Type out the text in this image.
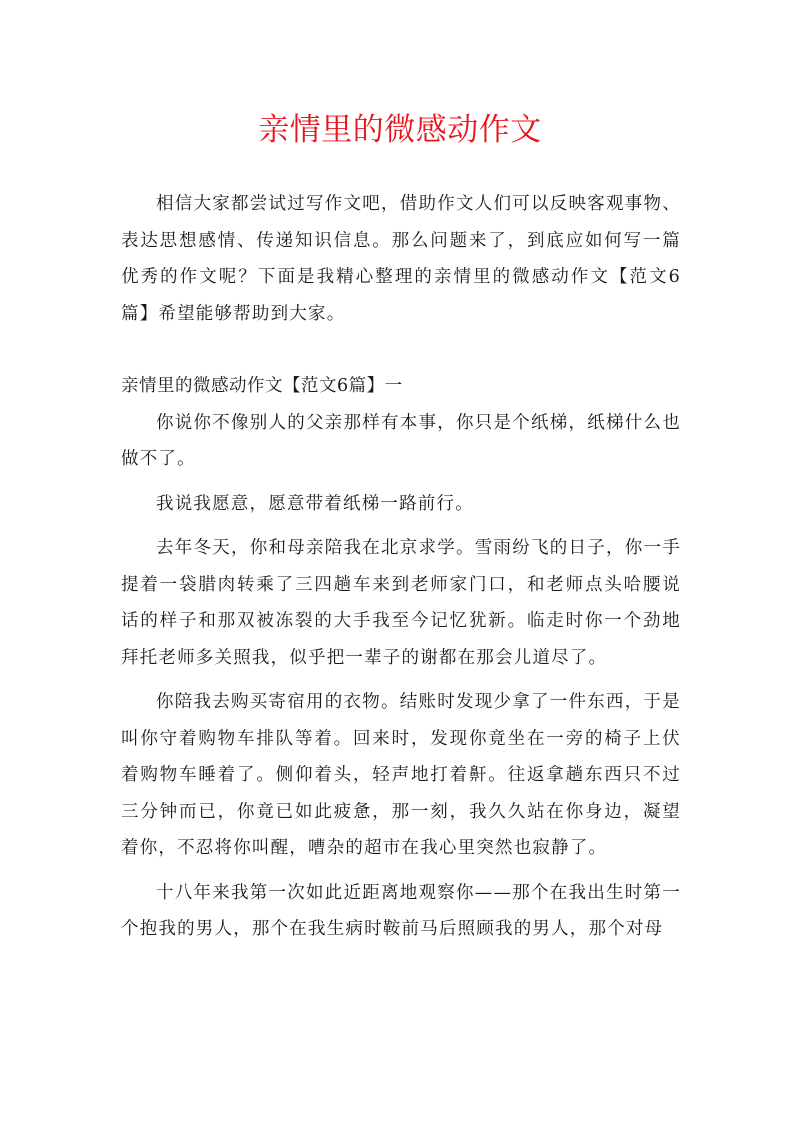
亲情里的微感动作文

相信大家都尝试过写作文吧，借助作文人们可以反映客观事物、表达思想感情、传递知识信息。那么问题来了，到底应如何写一篇优秀的作文呢？下面是我精心整理的亲情里的微感动作文【范文6篇】希望能够帮助到大家。

亲情里的微感动作文【范文6篇】一

你说你不像别人的父亲那样有本事，你只是个纸梯，纸梯什么也做不了。

我说我愿意，愿意带着纸梯一路前行。

去年冬天，你和母亲陪我在北京求学。雪雨纷飞的日子，你一手提着一袋腊肉转乘了三四趟车来到老师家门口，和老师点头哈腰说话的样子和那双被冻裂的大手我至今记忆犹新。临走时你一个劲地拜托老师多关照我，似乎把一辈子的谢都在那会儿道尽了。

你陪我去购买寄宿用的衣物。结账时发现少拿了一件东西，于是叫你守着购物车排队等着。回来时，发现你竟坐在一旁的椅子上伏着购物车睡着了。侧仰着头，轻声地打着鼾。往返拿趟东西只不过三分钟而已，你竟已如此疲惫，那一刻，我久久站在你身边，凝望着你，不忍将你叫醒，嘈杂的超市在我心里突然也寂静了。

十八年来我第一次如此近距离地观察你——那个在我出生时第一个抱我的男人，那个在我生病时鞍前马后照顾我的男人，那个对母
